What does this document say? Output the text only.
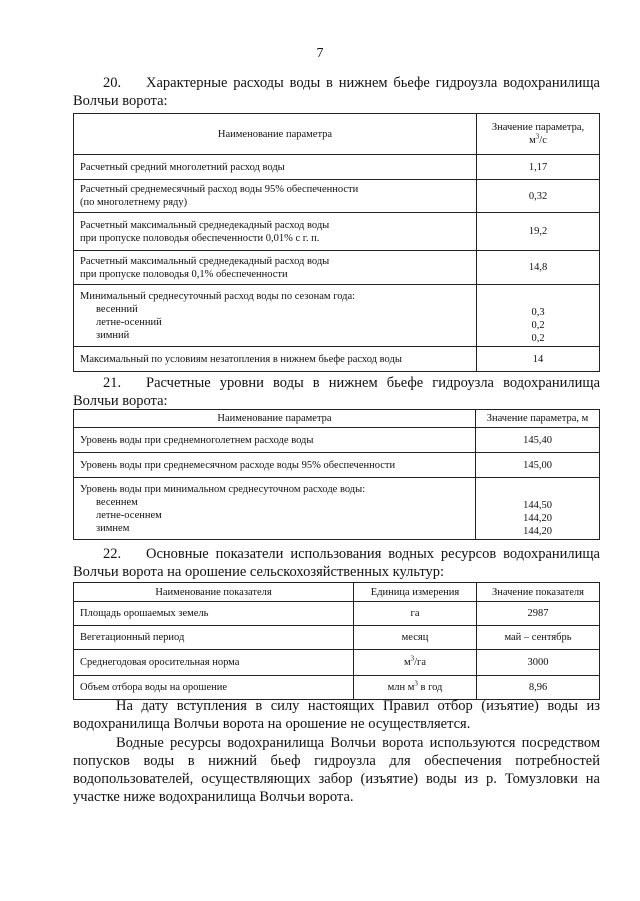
7
20. Характерные расходы воды в нижнем бьефе гидроузла водохранилища Волчьи ворота:
Наименование параметра	Значение параметра,
$м^3/с$

Расчетный средний многолетний расход воды	1,17

Расчетный среднемесячный расход воды 95% обеспеченности
(по многолетнему ряду)	0,32

Расчетный максимальный среднедекадный расход воды
при пропуске половодья обеспеченности 0,01% с г. п.	19,2

Расчетный максимальный среднедекадный расход воды
при пропуске половодья 0,1% обеспеченности	14,8

Минимальный среднесуточный расход воды по сезонам года:
весенний
летне-осенний
зимний	0,3
0,2
0,2

Максимальный по условиям незатопления в нижнем бьефе расход воды	14
21. Расчетные уровни воды в нижнем бьефе гидроузла водохранилища Волчьи ворота:
Наименование параметра	Значение параметра, м
Уровень воды при среднемноголетнем расходе воды	145,40
Уровень воды при среднемесячном расходе воды 95% обеспеченности	145,00

Уровень воды при минимальном среднесуточном расходе воды:
весеннем
летне-осеннем
зимнем	144,50
144,20
144,20
22. Основные показатели использования водных ресурсов водохранилища Волчьи ворота на орошение сельскохозяйственных культур:
Наименование показателя	Единица измерения	Значение показателя
Площадь орошаемых земель	га	2987
Вегетационный период	месяц	май – сентябрь
Среднегодовая оросительная норма	$м^3/га$	3000
Объем отбора воды на орошение	млн $м^3$ в год	8,96
На дату вступления в силу настоящих Правил отбор (изъятие) воды из водохранилища Волчьи ворота на орошение не осуществляется.
Водные ресурсы водохранилища Волчьи ворота используются посредством попусков воды в нижний бьеф гидроузла для обеспечения потребностей водопользователей, осуществляющих забор (изъятие) воды из р. Томузловки на участке ниже водохранилища Волчьи ворота.
